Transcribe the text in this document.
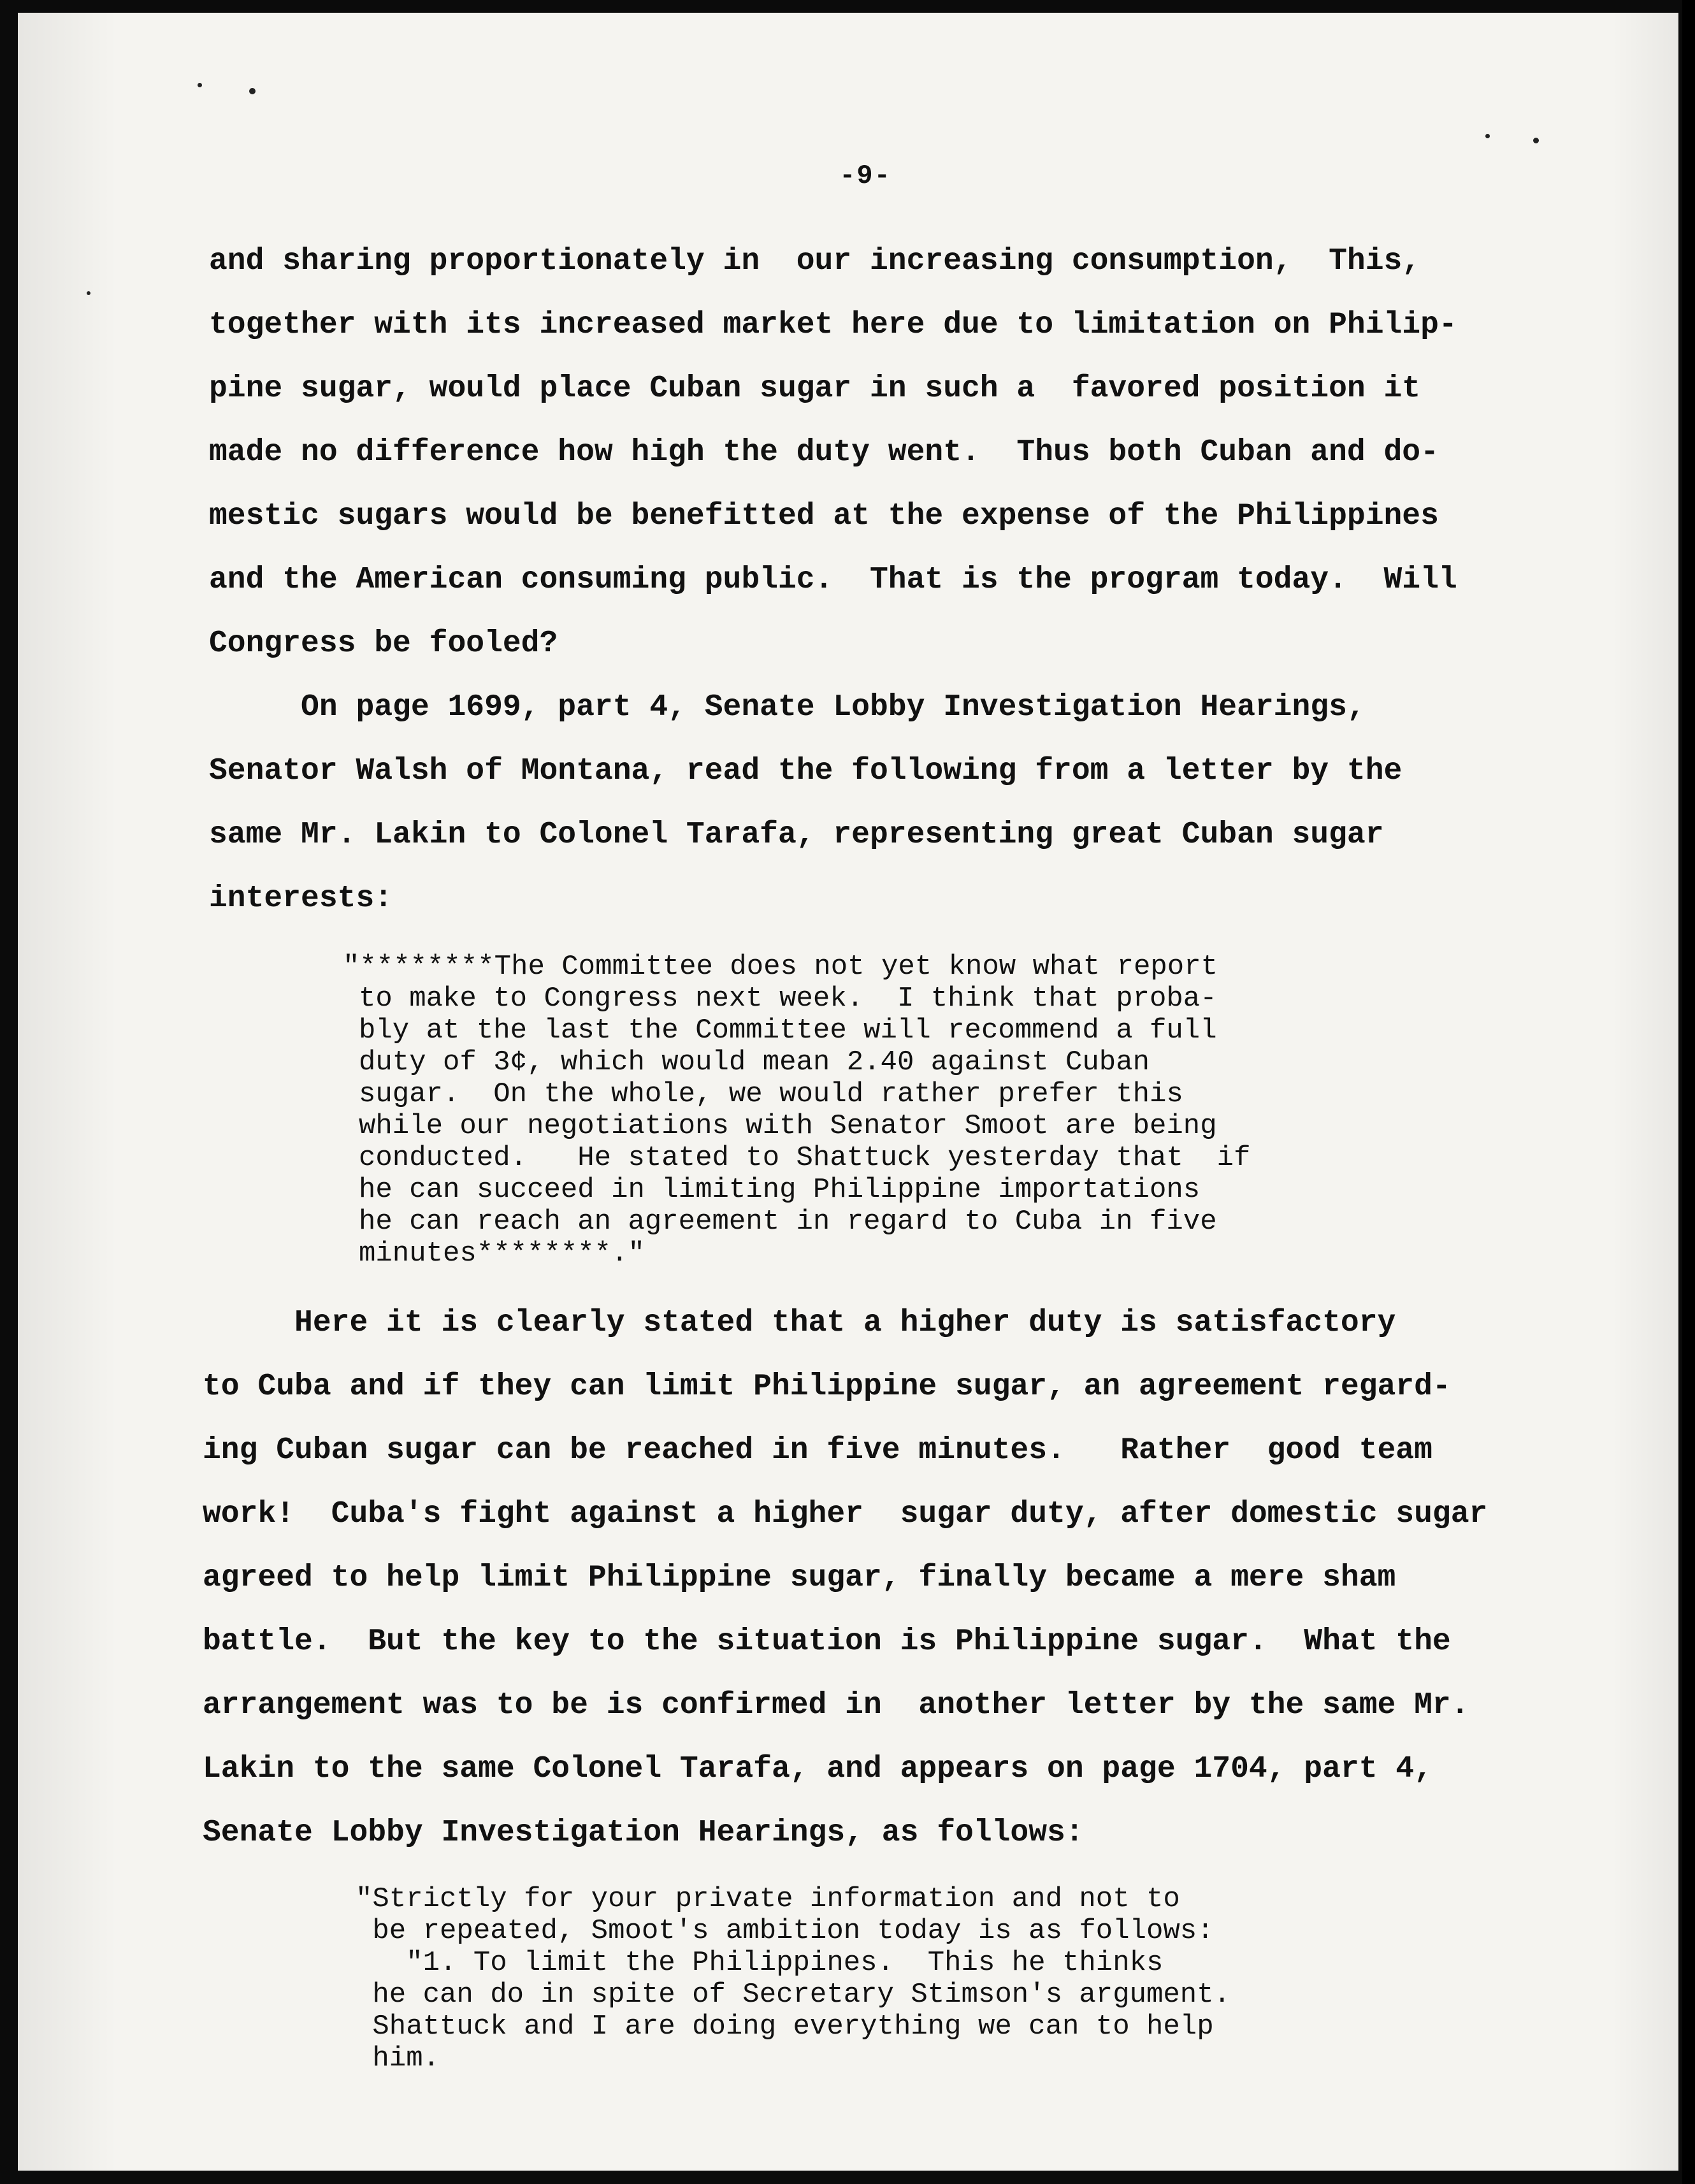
-9-
and sharing proportionately in  our increasing consumption,  This,
together with its increased market here due to limitation on Philip-
pine sugar, would place Cuban sugar in such a  favored position it
made no difference how high the duty went.  Thus both Cuban and do-
mestic sugars would be benefitted at the expense of the Philippines
and the American consuming public.  That is the program today.  Will
Congress be fooled?
On page 1699, part 4, Senate Lobby Investigation Hearings,
Senator Walsh of Montana, read the following from a letter by the
same Mr. Lakin to Colonel Tarafa, representing great Cuban sugar
interests:
"********The Committee does not yet know what report
to make to Congress next week.  I think that proba-
bly at the last the Committee will recommend a full
duty of 3¢, which would mean 2.40 against Cuban
sugar.  On the whole, we would rather prefer this
while our negotiations with Senator Smoot are being
conducted.   He stated to Shattuck yesterday that  if
he can succeed in limiting Philippine importations
he can reach an agreement in regard to Cuba in five
minutes********."
Here it is clearly stated that a higher duty is satisfactory
to Cuba and if they can limit Philippine sugar, an agreement regard-
ing Cuban sugar can be reached in five minutes.   Rather  good team
work!  Cuba's fight against a higher  sugar duty, after domestic sugar
agreed to help limit Philippine sugar, finally became a mere sham
battle.  But the key to the situation is Philippine sugar.  What the
arrangement was to be is confirmed in  another letter by the same Mr.
Lakin to the same Colonel Tarafa, and appears on page 1704, part 4,
Senate Lobby Investigation Hearings, as follows:
"Strictly for your private information and not to
be repeated, Smoot's ambition today is as follows:
"1. To limit the Philippines.  This he thinks
he can do in spite of Secretary Stimson's argument.
Shattuck and I are doing everything we can to help
him.
